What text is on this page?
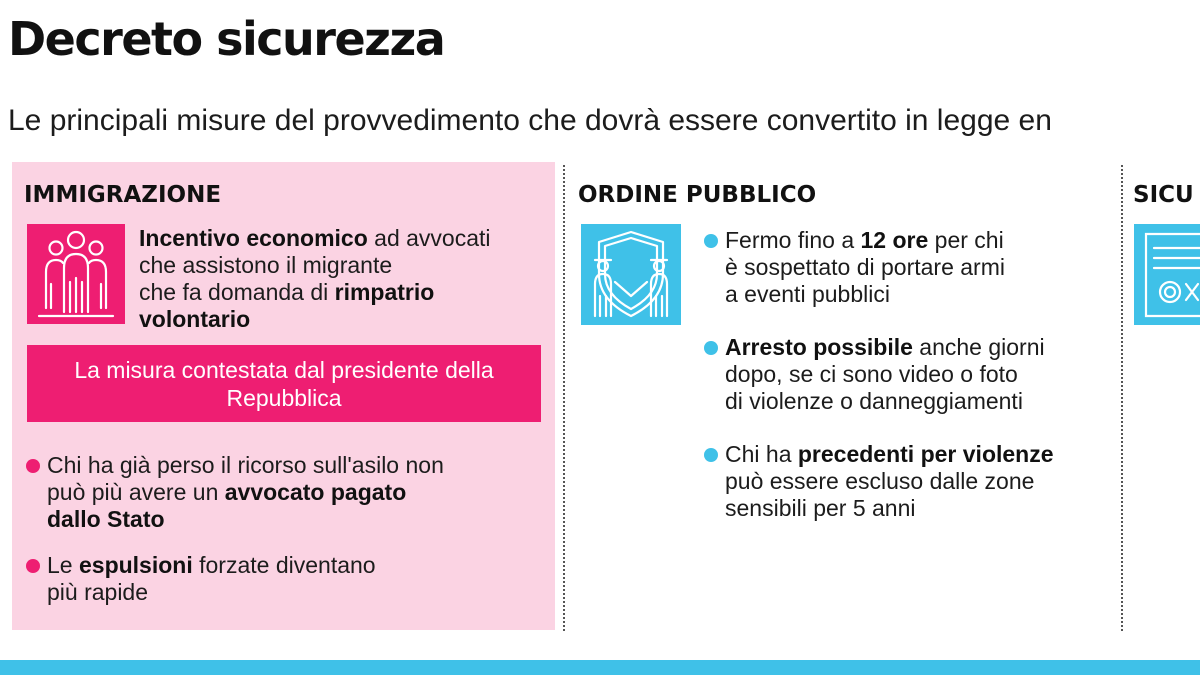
Decreto sicurezza
Le principali misure del provvedimento che dovrà essere convertito in legge en
IMMIGRAZIONE
Incentivo economico ad avvocati
che assistono il migrante
che fa domanda di rimpatrio
volontario
La misura contestata dal presidente della Repubblica
Chi ha già perso il ricorso sull'asilo non
può più avere un avvocato pagato
dallo Stato
Le espulsioni forzate diventano
più rapide
ORDINE PUBBLICO
Fermo fino a 12 ore per chi
è sospettato di portare armi
a eventi pubblici
Arresto possibile anche giorni
dopo, se ci sono video o foto
di violenze o danneggiamenti
Chi ha precedenti per violenze
può essere escluso dalle zone
sensibili per 5 anni
SICU
